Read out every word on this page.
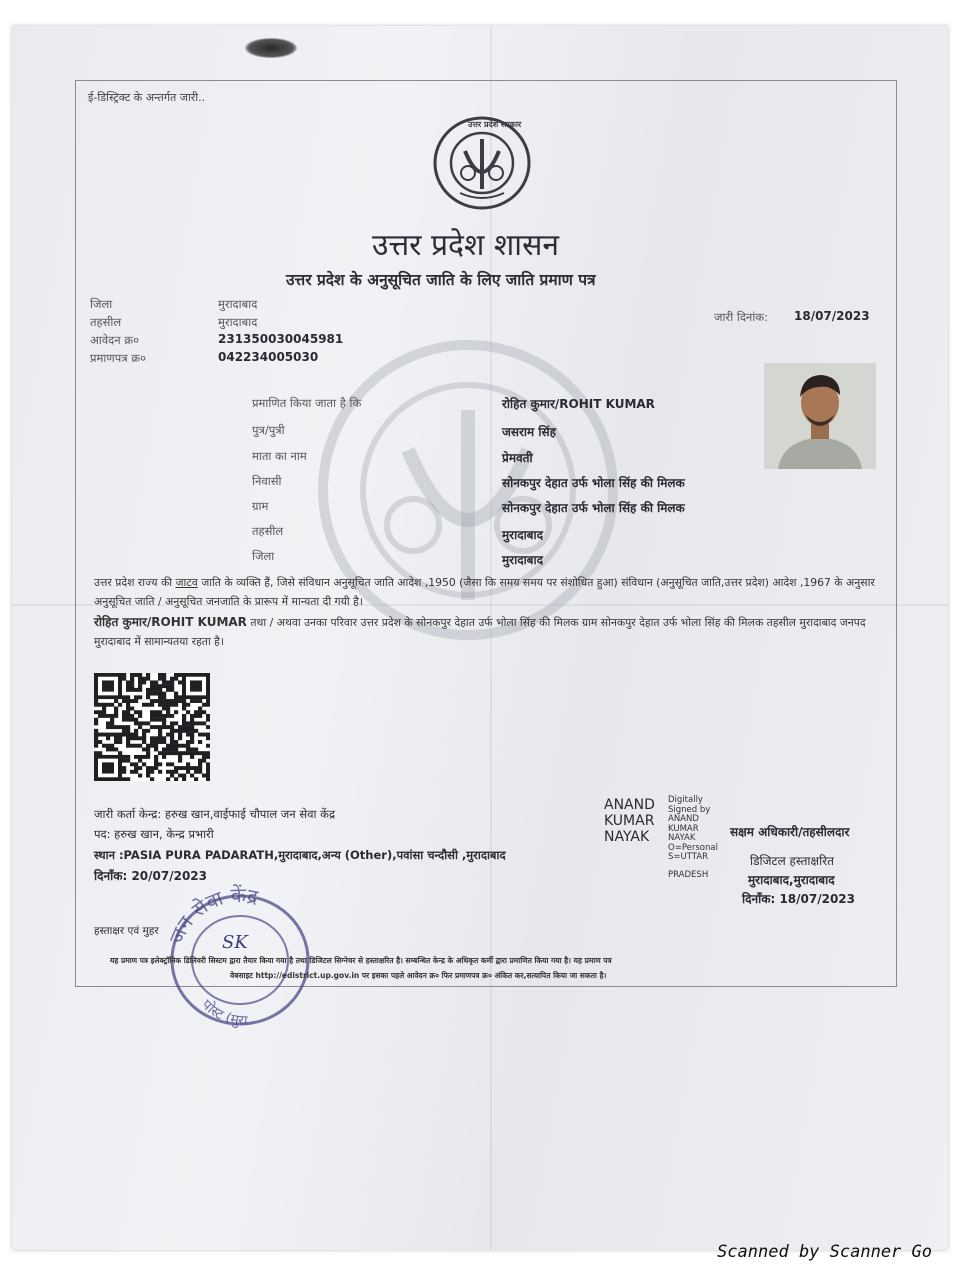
ई-डिस्ट्रिक्ट के अन्तर्गत जारी..
उत्तर प्रदेश सरकार
उत्तर प्रदेश शासन
उत्तर प्रदेश के अनुसूचित जाति के लिए जाति प्रमाण पत्र
जिला	मुरादाबाद
तहसील	मुरादाबाद
आवेदन क्र०	231350030045981
प्रमाणपत्र क्र०	042234005030
जारी दिनांक: 18/07/2023
प्रमाणित किया जाता है कि	रोहित कुमार/ROHIT KUMAR
पुत्र/पुत्री	जसराम सिंह
माता का नाम	प्रेमवती
निवासी	सोनकपुर देहात उर्फ भोला सिंह की मिलक
ग्राम	सोनकपुर देहात उर्फ भोला सिंह की मिलक
तहसील	मुरादाबाद
जिला	मुरादाबाद
उत्तर प्रदेश राज्य की जाटव जाति के व्यक्ति हैं, जिसे संविधान अनुसूचित जाति आदेश ,1950 (जैसा कि समय समय पर संशोधित हुआ) संविधान (अनुसूचित जाति,उत्तर प्रदेश) आदेश ,1967 के अनुसार अनुसूचित जाति / अनुसूचित जनजाति के प्रारूप में मान्यता दी गयी है।
रोहित कुमार/ROHIT KUMAR तथा / अथवा उनका परिवार उत्तर प्रदेश के सोनकपुर देहात उर्फ भोला सिंह की मिलक ग्राम सोनकपुर देहात उर्फ भोला सिंह की मिलक तहसील मुरादाबाद जनपद मुरादाबाद में सामान्यतया रहता है।
जारी कर्ता केन्द्र: हरुख खान,वाईफाई चौपाल जन सेवा केंद्र
पद: हरुख खान, केन्द्र प्रभारी
स्थान :PASIA PURA PADARATH,मुरादाबाद,अन्य (Other),पवांसा चन्दौसी ,मुरादाबाद
दिनाँक: 20/07/2023
हस्ताक्षर एवं मुहर
ANAND
KUMAR
NAYAK
Digitally
Signed by
ANAND
KUMAR
NAYAK
O=Personal
S=UTTAR
PRADESH
सक्षम अधिकारी/तहसीलदार
डिजिटल हस्ताक्षरित
मुरादाबाद,मुरादाबाद
दिनाँक: 18/07/2023
जन सेवा केंद्र
पोस्ट (मुरा
SK
यह प्रमाण पत्र इलेक्ट्रॉनिक डिलिवरी सिस्टम द्वारा तैयार किया गया है तथा डिजिटल सिग्नेचर से हस्ताक्षरित है। सम्बन्धित केन्द्र के अधिकृत कर्मी द्वारा प्रमाणित किया गया है। यह प्रमाण पत्र
वेबसाइट http://edistrict.up.gov.in पर इसका पहले आवेदन क्र० फिर प्रमाणपत्र क्र० अंकित कर,सत्यापित किया जा सकता है।
Scanned by Scanner Go
